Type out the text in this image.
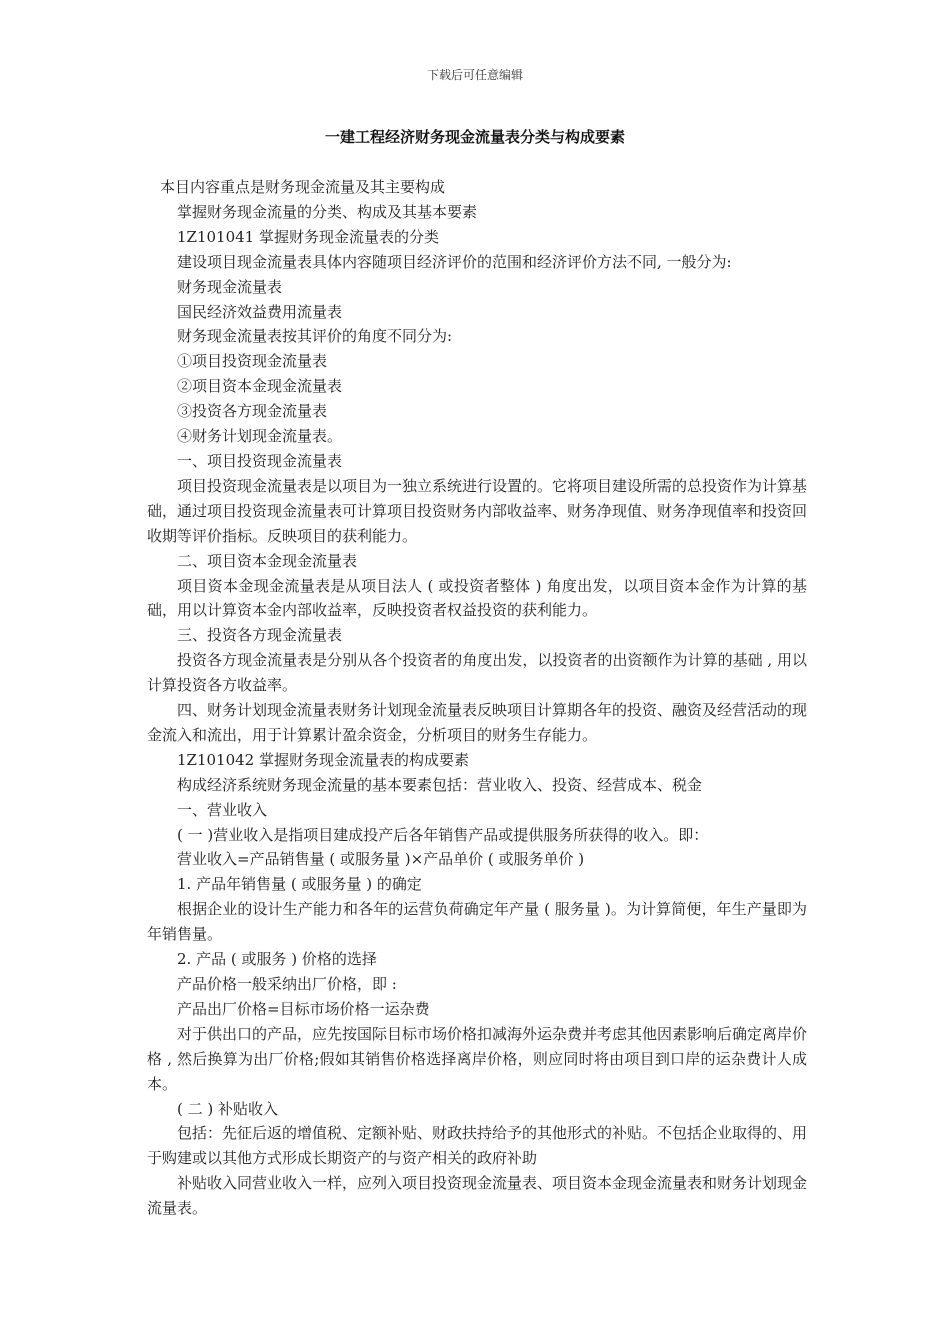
下载后可任意编辑
一建工程经济财务现金流量表分类与构成要素

本目内容重点是财务现金流量及其主要构成

掌握财务现金流量的分类、构成及其基本要素

1Z101041 掌握财务现金流量表的分类

建设项目现金流量表具体内容随项目经济评价的范围和经济评价方法不同, 一般分为:

财务现金流量表

国民经济效益费用流量表

财务现金流量表按其评价的角度不同分为:

①项目投资现金流量表

②项目资本金现金流量表

③投资各方现金流量表

④财务计划现金流量表。

一、项目投资现金流量表

项目投资现金流量表是以项目为一独立系统进行设置的。它将项目建设所需的总投资作为计算基础，通过项目投资现金流量表可计算项目投资财务内部收益率、财务净现值、财务净现值率和投资回收期等评价指标。反映项目的获利能力。

二、项目资本金现金流量表

项目资本金现金流量表是从项目法人 ( 或投资者整体 ) 角度出发，以项目资本金作为计算的基础，用以计算资本金内部收益率，反映投资者权益投资的获利能力。

三、投资各方现金流量表

投资各方现金流量表是分别从各个投资者的角度出发，以投资者的出资额作为计算的基础 , 用以计算投资各方收益率。

四、财务计划现金流量表财务计划现金流量表反映项目计算期各年的投资、融资及经营活动的现金流入和流出，用于计算累计盈余资金，分析项目的财务生存能力。

1Z101042 掌握财务现金流量表的构成要素

构成经济系统财务现金流量的基本要素包括：营业收入、投资、经营成本、税金

一、营业收入

( 一 )营业收入是指项目建成投产后各年销售产品或提供服务所获得的收入。即：

营业收入=产品销售量 ( 或服务量 )×产品单价 ( 或服务单价 )

1. 产品年销售量 ( 或服务量 ) 的确定

根据企业的设计生产能力和各年的运营负荷确定年产量 ( 服务量 )。为计算简便，年生产量即为年销售量。

2. 产品 ( 或服务 ) 价格的选择

产品价格一般采纳出厂价格，即 :

产品出厂价格=目标市场价格一运杂费

对于供出口的产品，应先按国际目标市场价格扣减海外运杂费并考虑其他因素影响后确定离岸价格 , 然后换算为出厂价格;假如其销售价格选择离岸价格，则应同时将由项目到口岸的运杂费计人成本。

( 二 ) 补贴收入

包括：先征后返的增值税、定额补贴、财政扶持给予的其他形式的补贴。不包括企业取得的、用于购建或以其他方式形成长期资产的与资产相关的政府补助

补贴收入同营业收入一样，应列入项目投资现金流量表、项目资本金现金流量表和财务计划现金流量表。
